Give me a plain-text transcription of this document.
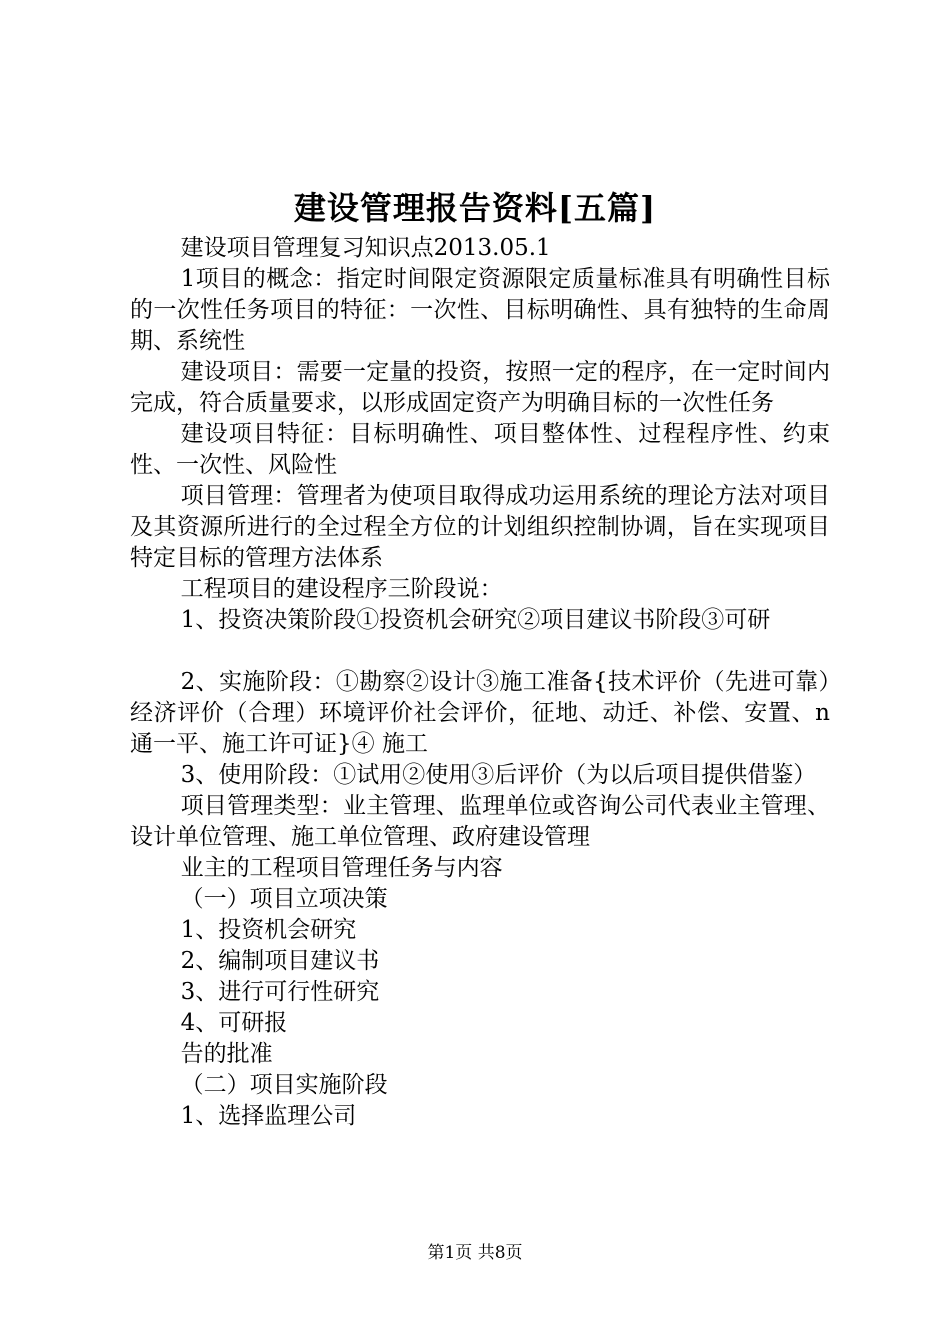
建设管理报告资料[五篇]

建设项目管理复习知识点2013.05.1

1项目的概念：指定时间限定资源限定质量标准具有明确性目标的一次性任务项目的特征：一次性、目标明确性、具有独特的生命周期、系统性

建设项目：需要一定量的投资，按照一定的程序，在一定时间内完成，符合质量要求，以形成固定资产为明确目标的一次性任务

建设项目特征：目标明确性、项目整体性、过程程序性、约束性、一次性、风险性

项目管理：管理者为使项目取得成功运用系统的理论方法对项目及其资源所进行的全过程全方位的计划组织控制协调，旨在实现项目特定目标的管理方法体系

工程项目的建设程序三阶段说：

1、投资决策阶段①投资机会研究②项目建议书阶段③可研

2、实施阶段：①勘察②设计③施工准备{技术评价（先进可靠）经济评价（合理）环境评价社会评价，征地、动迁、补偿、安置、n通一平、施工许可证}④ 施工

3、使用阶段：①试用②使用③后评价（为以后项目提供借鉴）

项目管理类型：业主管理、监理单位或咨询公司代表业主管理、设计单位管理、施工单位管理、政府建设管理

业主的工程项目管理任务与内容
（一）项目立项决策
1、投资机会研究
2、编制项目建议书
3、进行可行性研究
4、可研报
告的批准
（二）项目实施阶段
1、选择监理公司
第1页 共8页
